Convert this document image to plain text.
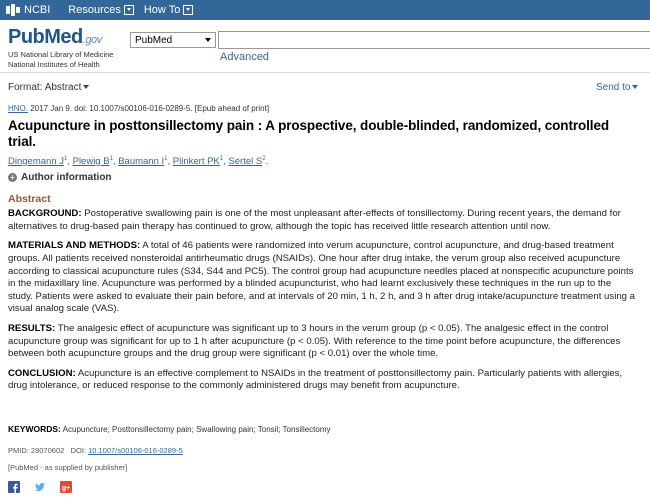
NCBI Resources How To
PubMed.gov
US National Library of Medicine
National Institutes of Health
PubMed
Advanced
Format: Abstract	Send to
HNO. 2017 Jan 9. doi: 10.1007/s00106-016-0289-5. [Epub ahead of print]
Acupuncture in posttonsillectomy pain : A prospective, double-blinded, randomized, controlled trial.
Dingemann $J^1$, Plewig $B^1$, Baumann $I^1$, Plinkert $PK^1$, Sertel $S^2$.
+ Author information
Abstract
BACKGROUND: Postoperative swallowing pain is one of the most unpleasant after-effects of tonsillectomy. During recent years, the demand for alternatives to drug-based pain therapy has continued to grow, although the topic has received little research attention until now.
MATERIALS AND METHODS: A total of 46 patients were randomized into verum acupuncture, control acupuncture, and drug-based treatment groups. All patients received nonsteroidal antirheumatic drugs (NSAIDs). One hour after drug intake, the verum group also received acupuncture according to classical acupuncture rules (S34, S44 and PC5). The control group had acupuncture needles placed at nonspecific acupuncture points in the midaxillary line. Acupuncture was performed by a blinded acupuncturist, who had learnt exclusively these techniques in the run up to the study. Patients were asked to evaluate their pain before, and at intervals of 20 min, 1 h, 2 h, and 3 h after drug intake/acupuncture treatment using a visual analog scale (VAS).
RESULTS: The analgesic effect of acupuncture was significant up to 3 hours in the verum group (p < 0.05). The analgesic effect in the control acupuncture group was significant for up to 1 h after acupuncture (p < 0.05). With reference to the time point before acupuncture, the differences between both acupuncture groups and the drug group were significant (p < 0.01) over the whole time.
CONCLUSION: Acupuncture is an effective complement to NSAIDs in the treatment of posttonsillectomy pain. Particularly patients with allergies, drug intolerance, or reduced response to the commonly administered drugs may benefit from acupuncture.
KEYWORDS: Acupuncture; Posttonsillectomy pain; Swallowing pain; Tonsil; Tonsillectomy
PMID: 28070602 DOI: 10.1007/s00106-016-0289-5
[PubMed - as supplied by publisher]
g+
